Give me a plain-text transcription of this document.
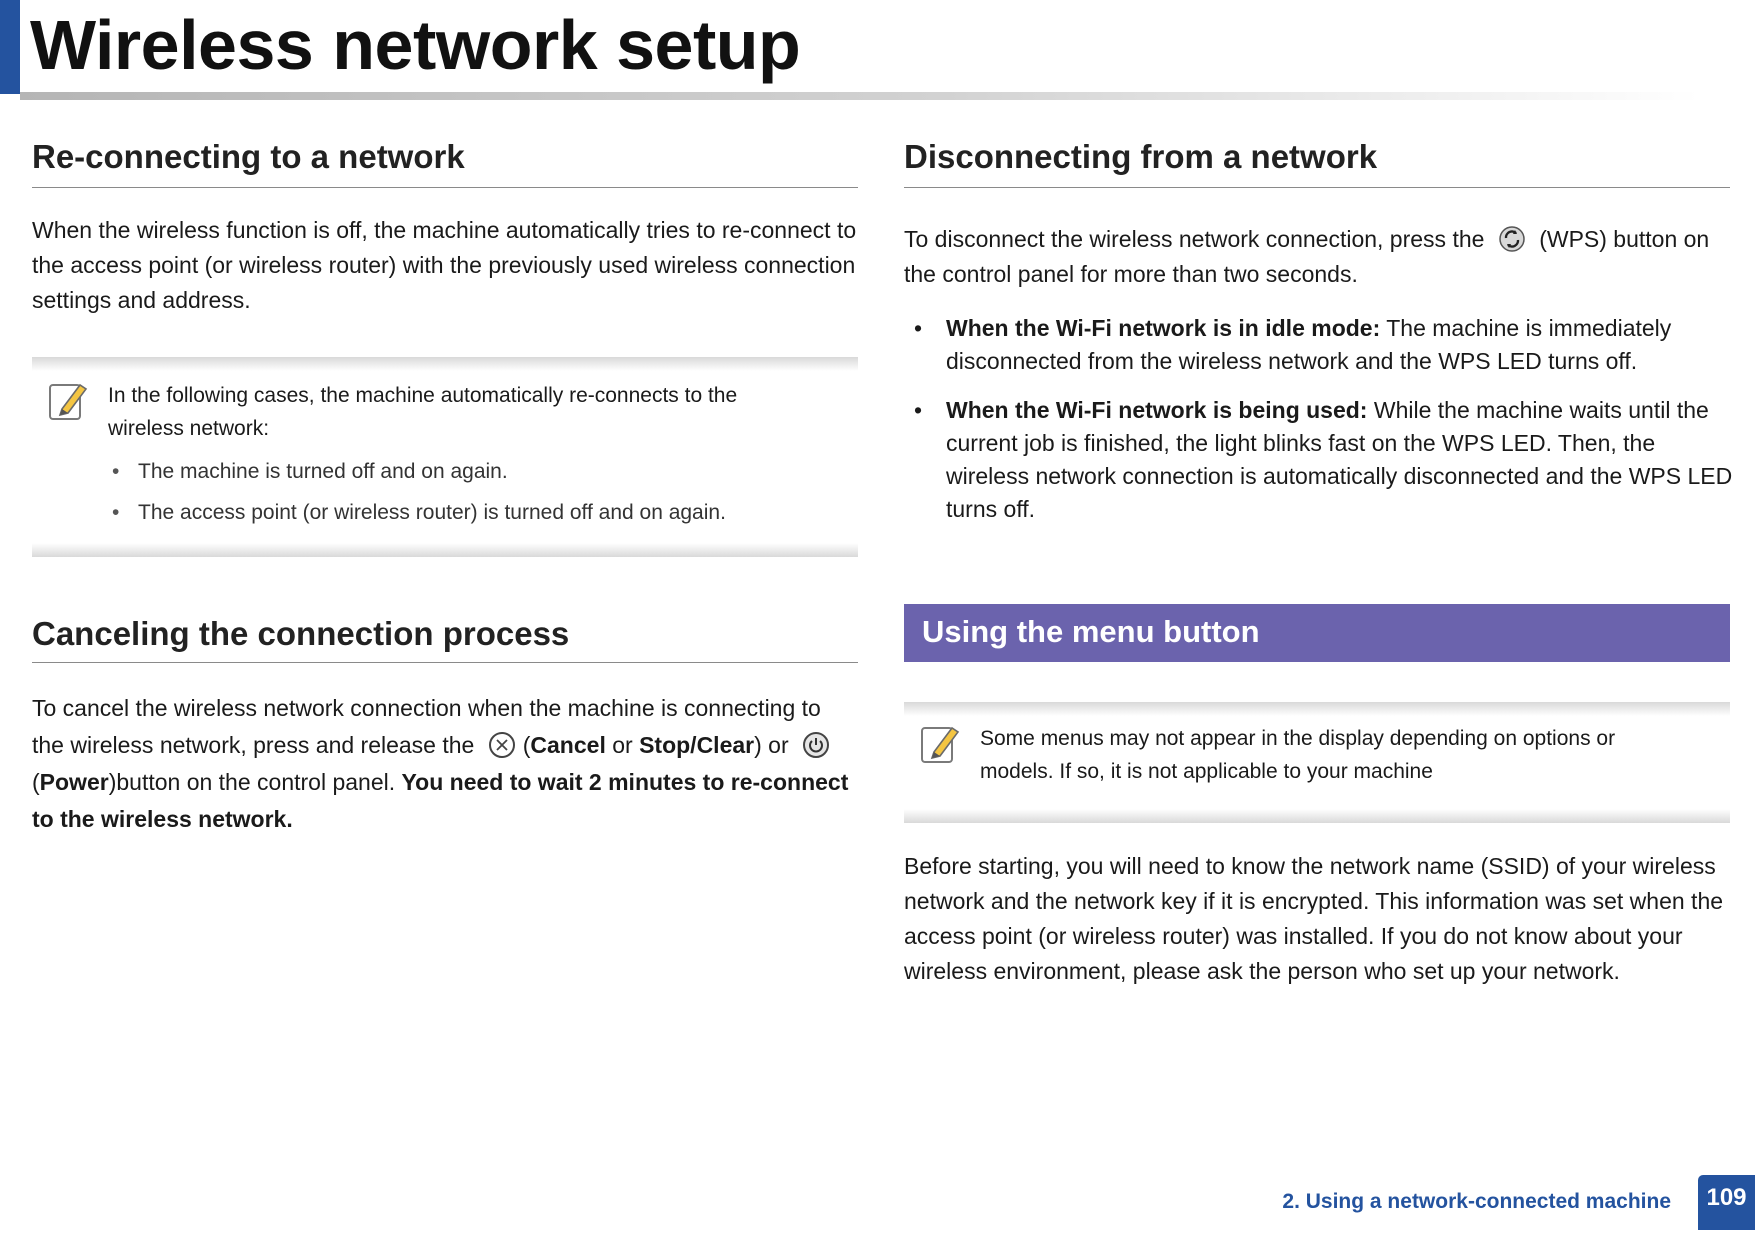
Wireless network setup
Re-connecting to a network

When the wireless function is off, the machine automatically tries to re-connect to the access point (or wireless router) with the previously used wireless connection settings and address.

In the following cases, the machine automatically re-connects to the wireless network:
• The machine is turned off and on again.
• The access point (or wireless router) is turned off and on again.
Canceling the connection process

To cancel the wireless network connection when the machine is connecting to the wireless network, press and release the (Cancel or Stop/Clear) or
(Power)button on the control panel. You need to wait 2 minutes to re-connect to the wireless network.

Disconnecting from a network

To disconnect the wireless network connection, press the (WPS) button on the control panel for more than two seconds.

• When the Wi-Fi network is in idle mode: The machine is immediately disconnected from the wireless network and the WPS LED turns off.
• When the Wi-Fi network is being used: While the machine waits until the current job is finished, the light blinks fast on the WPS LED. Then, the wireless network connection is automatically disconnected and the WPS LED turns off.
Using the menu button

Some menus may not appear in the display depending on options or models. If so, it is not applicable to your machine

Before starting, you will need to know the network name (SSID) of your wireless network and the network key if it is encrypted. This information was set when the access point (or wireless router) was installed. If you do not know about your wireless environment, please ask the person who set up your network.

2. Using a network-connected machine	109
